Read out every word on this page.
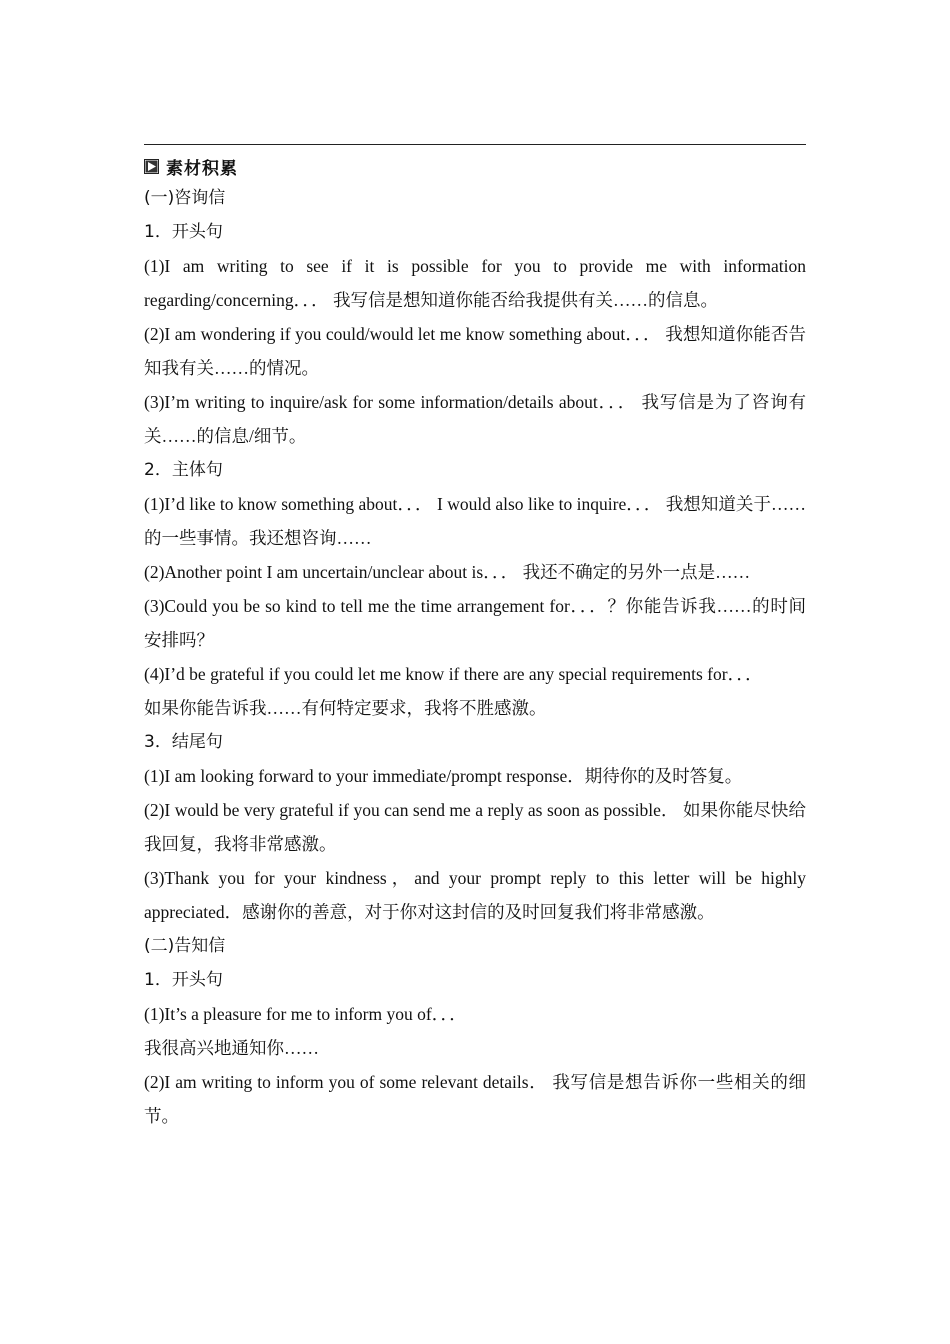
素材积累
(一)咨询信
1．开头句
(1)I am writing to see if it is possible for you to provide me with information regarding/concerning．．． 我写信是想知道你能否给我提供有关……的信息。
(2)I am wondering if you could/would let me know something about．．． 我想知道你能否告知我有关……的情况。
(3)I’m writing to inquire/ask for some information/details about．．． 我写信是为了咨询有关……的信息/细节。
2．主体句
(1)I’d like to know something about．．． I would also like to inquire．．． 我想知道关于……的一些事情。我还想咨询……
(2)Another point I am uncertain/unclear about is．．． 我还不确定的另外一点是……
(3)Could you be so kind to tell me the time arrangement for．．．？你能告诉我……的时间安排吗？
(4)I’d be grateful if you could let me know if there are any special requirements for．．．
如果你能告诉我……有何特定要求，我将不胜感激。
3．结尾句
(1)I am looking forward to your immediate/prompt response．期待你的及时答复。
(2)I would be very grateful if you can send me a reply as soon as possible． 如果你能尽快给我回复，我将非常感激。
(3)Thank you for your kindness，and your prompt reply to this letter will be highly appreciated．感谢你的善意，对于你对这封信的及时回复我们将非常感激。
(二)告知信
1．开头句
(1)It’s a pleasure for me to inform you of．．．
我很高兴地通知你……
(2)I am writing to inform you of some relevant details． 我写信是想告诉你一些相关的细节。
